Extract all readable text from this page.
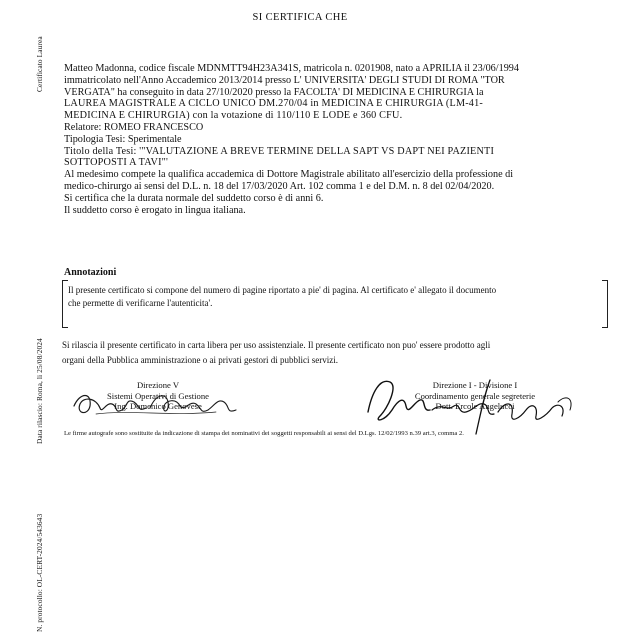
Certificato Laurea
Data rilascio: Roma, li 25/08/2024
N. protocollo: OL-CERT-2024/543643
SI CERTIFICA CHE
Matteo Madonna, codice fiscale MDNMTT94H23A341S, matricola n. 0201908, nato a APRILIA il 23/06/1994
immatricolato nell'Anno Accademico 2013/2014 presso L' UNIVERSITA' DEGLI STUDI DI ROMA "TOR
VERGATA" ha conseguito in data 27/10/2020 presso la FACOLTA' DI MEDICINA E CHIRURGIA la
LAUREA MAGISTRALE A CICLO UNICO DM.270/04 in MEDICINA E CHIRURGIA (LM-41-
MEDICINA E CHIRURGIA) con la votazione di 110/110 E LODE e 360 CFU.
Relatore: ROMEO FRANCESCO
Tipologia Tesi: Sperimentale
Titolo della Tesi: '"VALUTAZIONE A BREVE TERMINE DELLA SAPT VS DAPT NEI PAZIENTI
SOTTOPOSTI A TAVI"'
Al medesimo compete la qualifica accademica di Dottore Magistrale abilitato all'esercizio della professione di
medico-chirurgo ai sensi del D.L. n. 18 del 17/03/2020 Art. 102 comma 1 e del D.M. n. 8 del 02/04/2020.
Si certifica che la durata normale del suddetto corso è di anni 6.
Il suddetto corso è erogato in lingua italiana.
Annotazioni
Il presente certificato si compone del numero di pagine riportato a pie' di pagina. Al certificato e' allegato il documento
che permette di verificarne l'autenticita'.
Si rilascia il presente certificato in carta libera per uso assistenziale. Il presente certificato non puo' essere prodotto agli
organi della Pubblica amministrazione o ai privati gestori di pubblici servizi.
Direzione V
Sistemi Operativi di Gestione
Ing. Domenico Genovese
Direzione I - Divisione I
Coordinamento generale segreterie
Dott. Ercole Angelucci
Le firme autografe sono sostituite da indicazione di stampa dei nominativi dei soggetti responsabili ai sensi del D.Lgs. 12/02/1993 n.39 art.3, comma 2.
